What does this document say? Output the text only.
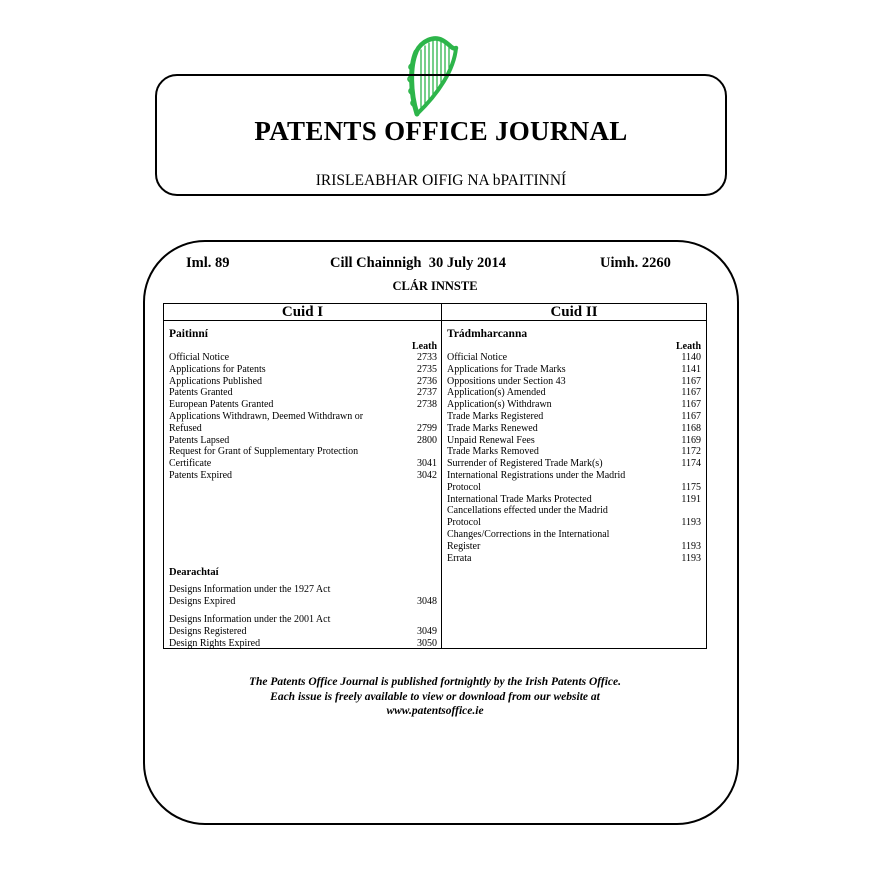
PATENTS OFFICE JOURNAL
IRISLEABHAR OIFIG NA bPAITINNÍ
Iml. 89	Cill Chainnigh  30 July 2014	Uimh. 2260
CLÁR INNSTE
Cuid I
Paitinní
Leath
Official Notice	2733
Applications for Patents	2735
Applications Published	2736
Patents Granted	2737
European Patents Granted	2738
Applications Withdrawn, Deemed Withdrawn or
Refused	2799
Patents Lapsed	2800
Request for Grant of Supplementary Protection
Certificate	3041
Patents Expired	3042
Dearachtaí
Designs Information under the 1927 Act
Designs Expired	3048
Designs Information under the 2001 Act
Designs Registered	3049
Design Rights Expired	3050
Cuid II
Trádmharcanna
Leath
Official Notice	1140
Applications for Trade Marks	1141
Oppositions under Section 43	1167
Application(s) Amended	1167
Application(s) Withdrawn	1167
Trade Marks Registered	1167
Trade Marks Renewed	1168
Unpaid Renewal Fees	1169
Trade Marks Removed	1172
Surrender of Registered Trade Mark(s)	1174
International Registrations under the Madrid
Protocol	1175
International Trade Marks Protected	1191
Cancellations effected under the Madrid
Protocol	1193
Changes/Corrections in the International
Register	1193
Errata	1193
The Patents Office Journal is published fortnightly by the Irish Patents Office.
Each issue is freely available to view or download from our website at
www.patentsoffice.ie
